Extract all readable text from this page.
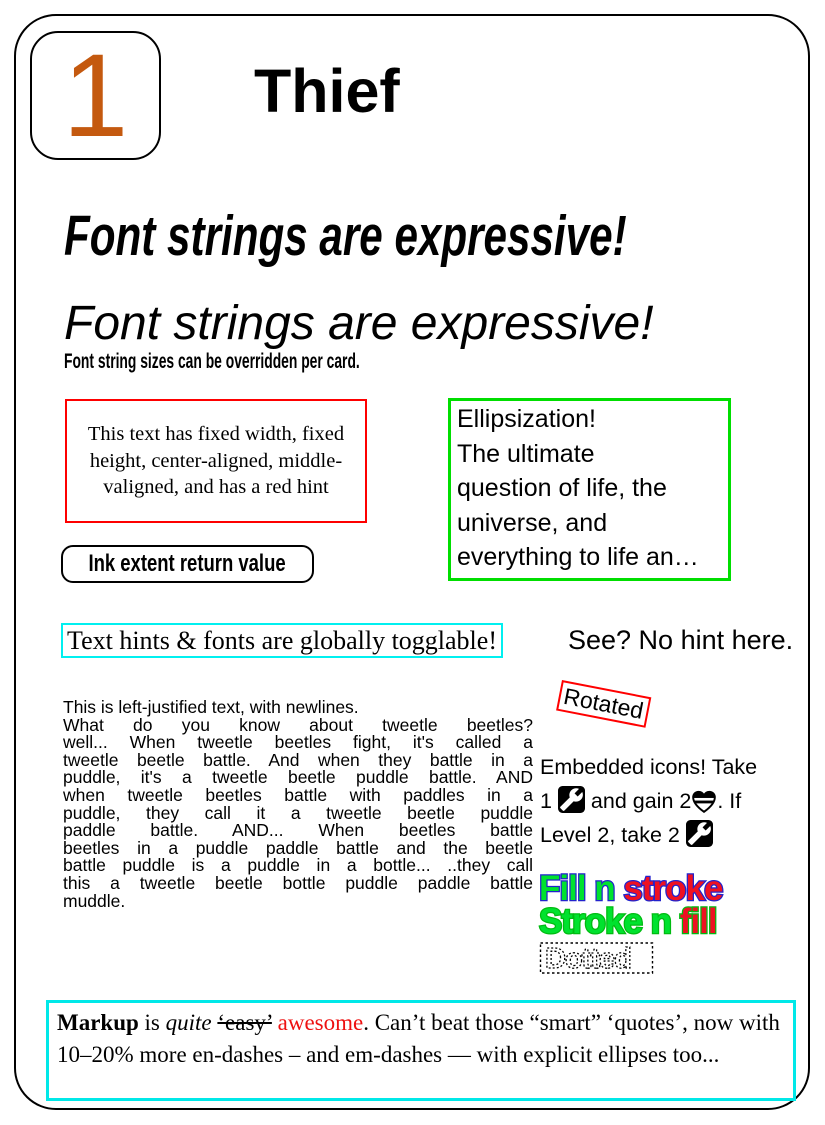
1 Thief
Font strings are expressive!
Font strings are expressive!
Font string sizes can be overridden per card.
This text has fixed width, fixed height, center-aligned, middle-valigned, and has a red hint
Ink extent return value
Ellipsization!
The ultimate
question of life, the
universe, and
everything to life an…
Text hints & fonts are globally togglable!	See? No hint here.
Rotated
This is left-justified text, with newlines.
What do you know about tweetle beetles?
well... When tweetle beetles fight, it's called a
tweetle beetle battle. And when they battle in a
puddle, it's a tweetle beetle puddle battle. AND
when tweetle beetles battle with paddles in a
puddle, they call it a tweetle beetle puddle
paddle battle. AND... When beetles battle
beetles in a puddle paddle battle and the beetle
battle puddle is a puddle in a bottle... ..they call
this a tweetle beetle bottle puddle paddle battle
muddle.
Embedded icons! Take
1  and gain 2 . If
Level 2, take 2
Fill n stroke
Stroke n fill
Dotted
Markup is quite ‘easy’ awesome. Can’t beat those “smart” ‘quotes’, now with 10–20% more en-dashes – and em-dashes — with explicit ellipses too...
